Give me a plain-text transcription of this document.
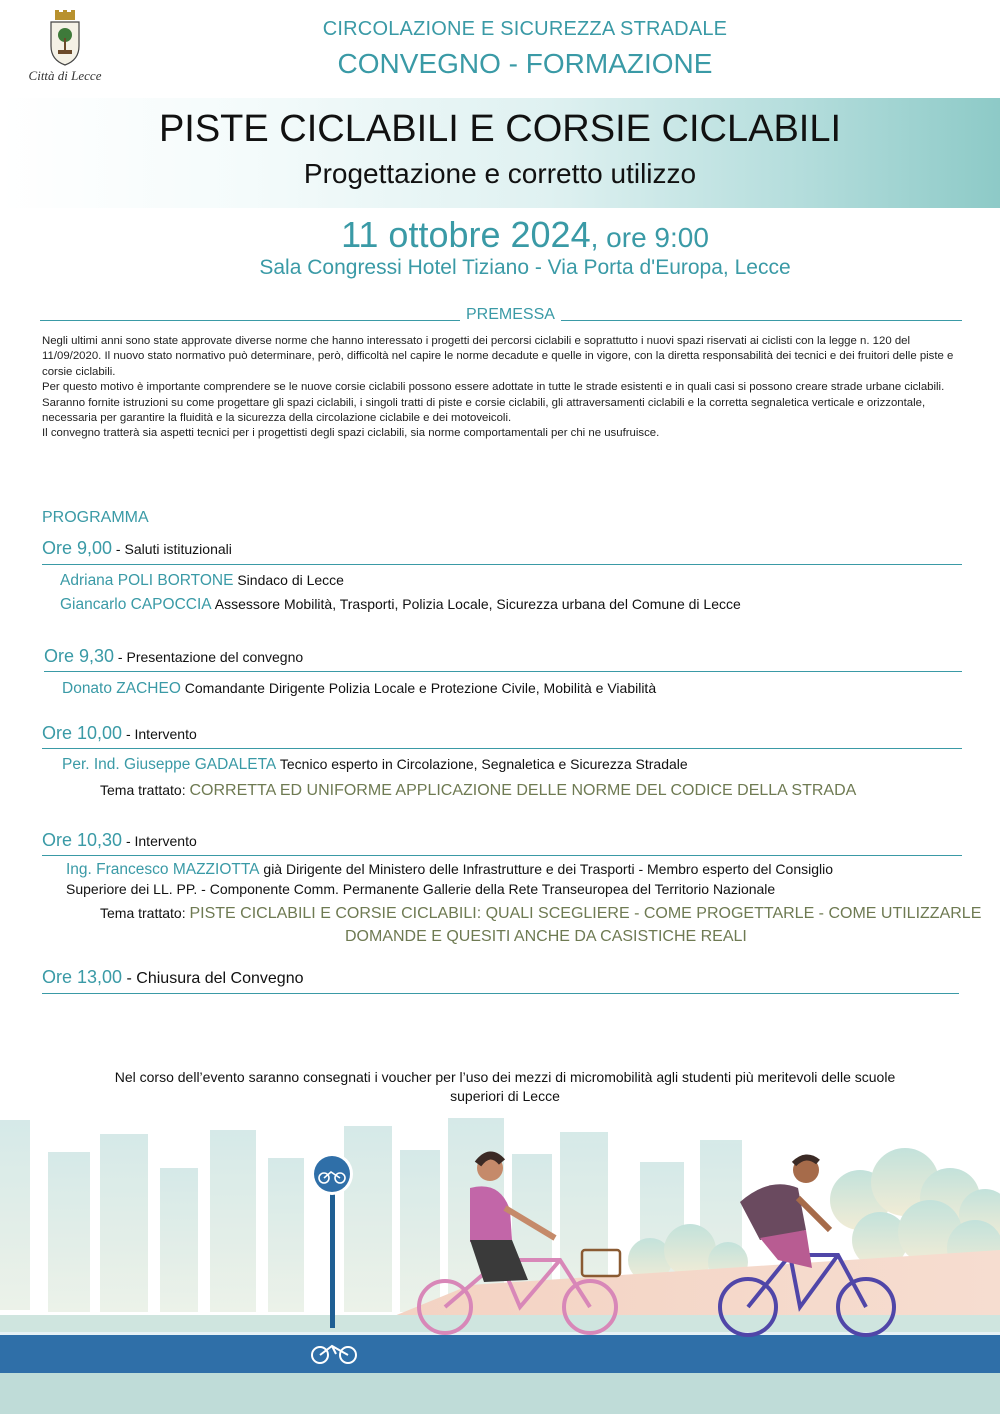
Città di Lecce
CIRCOLAZIONE E SICUREZZA STRADALE
CONVEGNO - FORMAZIONE
PISTE CICLABILI E CORSIE CICLABILI
Progettazione e corretto utilizzo
11 ottobre 2024, ore 9:00
Sala Congressi Hotel Tiziano - Via Porta d'Europa, Lecce
PREMESSA

Negli ultimi anni sono state approvate diverse norme che hanno interessato i progetti dei percorsi ciclabili e soprattutto i nuovi spazi riservati ai ciclisti con la legge n. 120 del 11/09/2020. Il nuovo stato normativo può determinare, però, difficoltà nel capire le norme decadute e quelle in vigore, con la diretta responsabilità dei tecnici e dei fruitori delle piste e corsie ciclabili.

Per questo motivo è importante comprendere se le nuove corsie ciclabili possono essere adottate in tutte le strade esistenti e in quali casi si possono creare strade urbane ciclabili.

Saranno fornite istruzioni su come progettare gli spazi ciclabili, i singoli tratti di piste e corsie ciclabili, gli attraversamenti ciclabili e la corretta segnaletica verticale e orizzontale, necessaria per garantire la fluidità e la sicurezza della circolazione ciclabile e dei motoveicoli.

Il convegno tratterà sia aspetti tecnici per i progettisti degli spazi ciclabili, sia norme comportamentali per chi ne usufruisce.

PROGRAMMA
Ore 9,00 - Saluti istituzionali
Adriana POLI BORTONE Sindaco di Lecce
Giancarlo CAPOCCIA Assessore Mobilità, Trasporti, Polizia Locale, Sicurezza urbana del Comune di Lecce
Ore 9,30 - Presentazione del convegno
Donato ZACHEO Comandante Dirigente Polizia Locale e Protezione Civile, Mobilità e Viabilità
Ore 10,00 - Intervento
Per. Ind. Giuseppe GADALETA Tecnico esperto in Circolazione, Segnaletica e Sicurezza Stradale
Tema trattato: CORRETTA ED UNIFORME APPLICAZIONE DELLE NORME DEL CODICE DELLA STRADA
Ore 10,30 - Intervento
Ing. Francesco MAZZIOTTA già Dirigente del Ministero delle Infrastrutture e dei Trasporti - Membro esperto del Consiglio
Superiore dei LL. PP. - Componente Comm. Permanente Gallerie della Rete Transeuropea del Territorio Nazionale
Tema trattato: PISTE CICLABILI E CORSIE CICLABILI: QUALI SCEGLIERE - COME PROGETTARLE - COME UTILIZZARLE
DOMANDE E QUESITI ANCHE DA CASISTICHE REALI
Ore 13,00 - Chiusura del Convegno
Nel corso dell’evento saranno consegnati i voucher per l’uso dei mezzi di micromobilità agli studenti più meritevoli delle scuole
superiori di Lecce
